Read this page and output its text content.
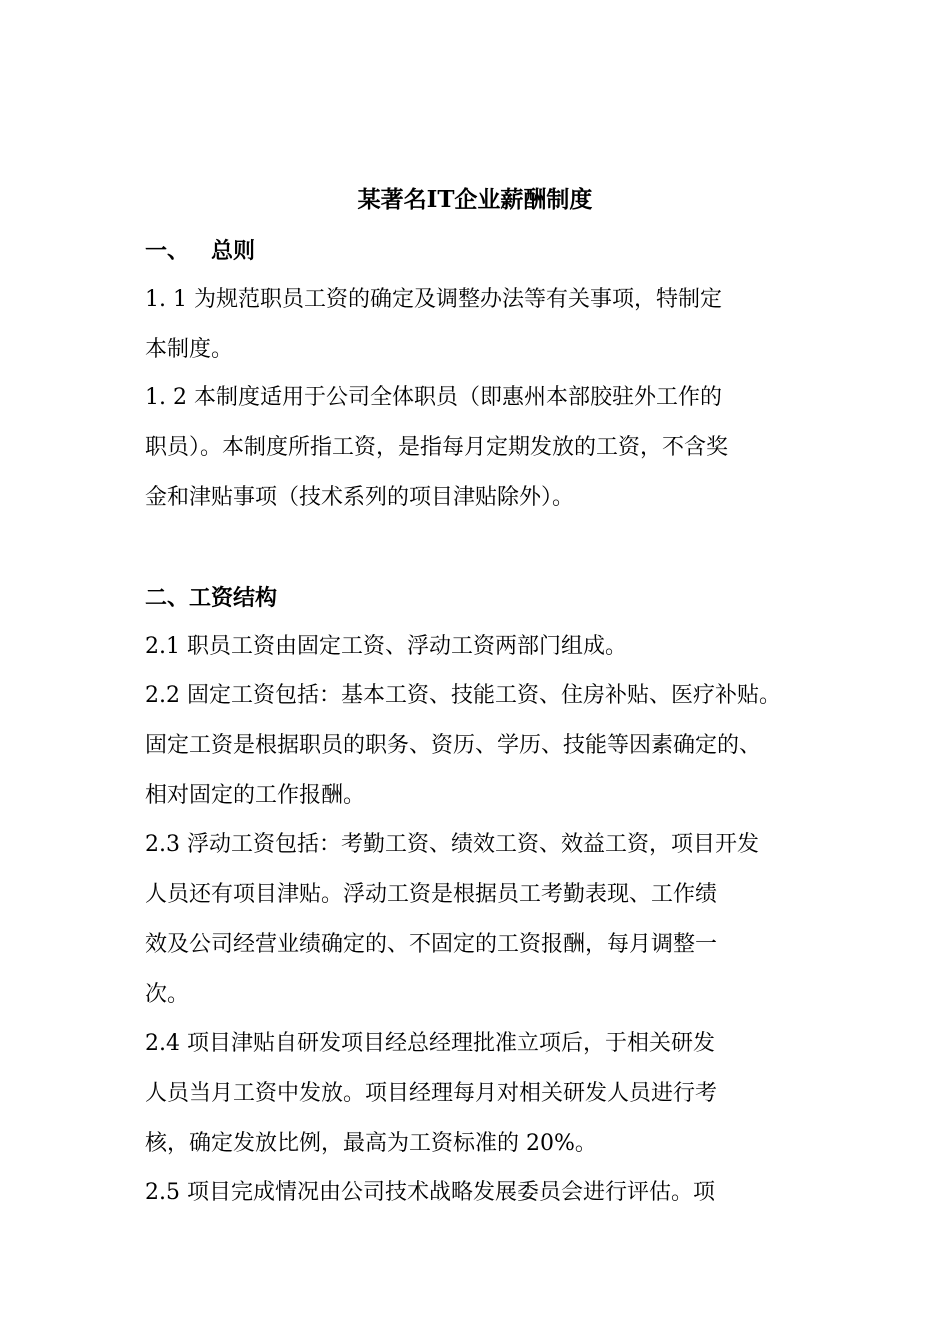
某著名IT企业薪酬制度
一、 总则
1. 1 为规范职员工资的确定及调整办法等有关事项，特制定
本制度。
1. 2 本制度适用于公司全体职员（即惠州本部胶驻外工作的
职员）。本制度所指工资，是指每月定期发放的工资，不含奖
金和津贴事项（技术系列的项目津贴除外）。
二、工资结构
2.1 职员工资由固定工资、浮动工资两部门组成。
2.2 固定工资包括：基本工资、技能工资、住房补贴、医疗补贴。
固定工资是根据职员的职务、资历、学历、技能等因素确定的、
相对固定的工作报酬。
2.3 浮动工资包括：考勤工资、绩效工资、效益工资，项目开发
人员还有项目津贴。浮动工资是根据员工考勤表现、工作绩
效及公司经营业绩确定的、不固定的工资报酬，每月调整一
次。
2.4 项目津贴自研发项目经总经理批准立项后，于相关研发
人员当月工资中发放。项目经理每月对相关研发人员进行考
核，确定发放比例，最高为工资标准的 20%。
2.5 项目完成情况由公司技术战略发展委员会进行评估。项
